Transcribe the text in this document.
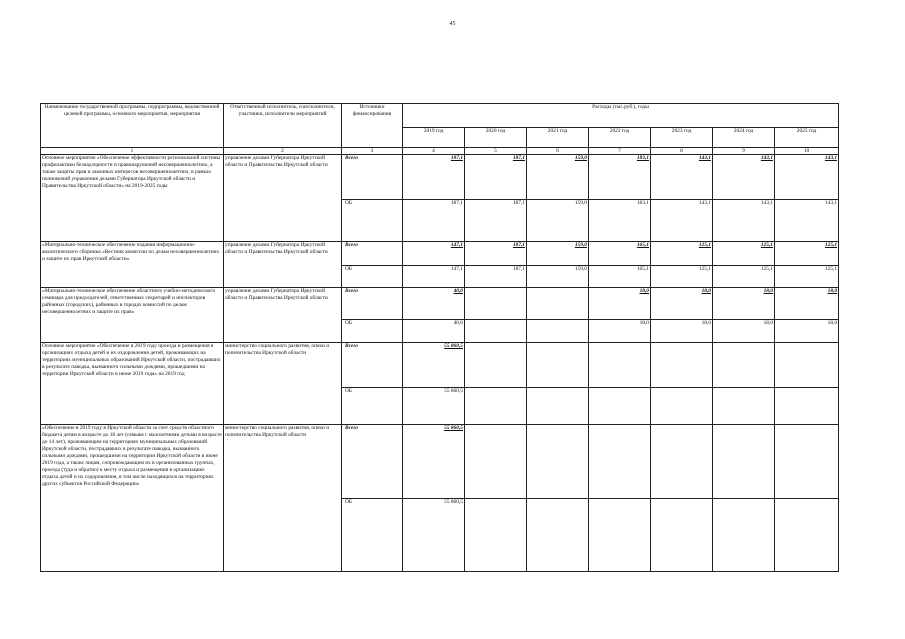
45
Наименование государственной программы, подпрограммы, ведомственной целевой программы, основного мероприятия, мероприятия	Ответственный исполнитель, соисполнители, участники, исполнители мероприятий	Источники финансирования	Расходы (тыс.руб.), годы						
			2019 год	2020 год	2021 год	2022 год	2023 год	2024 год	2025 год
1	2	3	4	5	6	7	8	9	10
Основное мероприятие «Обеспечение эффективности региональной системы профилактики безнадзорности и правонарушений несовершеннолетних, а также защиты прав и законных интересов несовершеннолетних, в рамках полномочий управления делами Губернатора Иркутской области и Правительства Иркутской области» на 2019-2025 годы	управление делами Губернатора Иркутской области и Правительства Иркутской области	Всего	187,1	187,1	159,0	183,1	143,1	143,1	143,1

		ОБ	187,1	187,1	159,0	183,1	143,1	143,1	143,1
«Материально-техническое обеспечение издания информационно-аналитического сборника «Вестник комиссии по делам несовершеннолетних и защите их прав Иркутской области»	управление делами Губернатора Иркутской области и Правительства Иркутской области	Всего	147,1	187,1	159,0	165,1	125,1	125,1	125,1

		ОБ	147,1	187,1	159,0	165,1	125,1	125,1	125,1
«Материально-техническое обеспечение областного учебно-методического семинара для председателей, ответственных секретарей и инспекторов районных (городских), районных в городах комиссий по делам несовершеннолетних и защите их прав»	управление делами Губернатора Иркутской области и Правительства Иркутской области	Всего	40,0			18,0	18,0	18,0	18,0

		ОБ	40,0			18,0	18,0	18,0	18,0
Основное мероприятие «Обеспечение в 2019 году проезда и размещения в организациях отдыха детей и их оздоровления детей, проживающих на территориях муниципальных образований Иркутской области, пострадавших в результате паводка, вызванного сильными дождями, прошедшими на территории Иркутской области в июне 2019 года» на 2019 год	министерство социального развития, опеки и попечительства Иркутской области	Всего	55 860,5						

		ОБ	55 860,5						
«Обеспечение в 2019 году в Иркутской области за счет средств областного бюджета детям в возрасте до 18 лет (семьям с малолетними детьми в возрасте до 14 лет), проживающим на территориях муниципальных образований Иркутской области, пострадавших в результате паводка, вызванного сильными дождями, прошедшими на территории Иркутской области в июне 2019 года, а также лицам, сопровождающим их в организованных группах, проезда (туда и обратно) к месту отдыха и размещения в организациях отдыха детей и их оздоровления, в том числе находящихся на территориях других субъектов Российской Федерации»	министерство социального развития, опеки и попечительства Иркутской области	Всего	55 860,5						

		ОБ	55 860,5						
